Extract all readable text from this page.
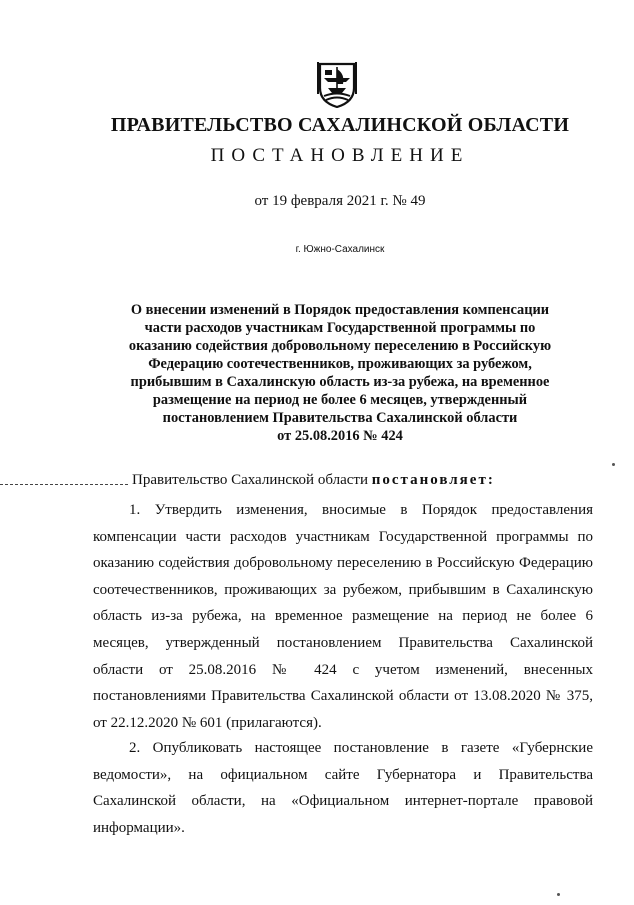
ПРАВИТЕЛЬСТВО САХАЛИНСКОЙ ОБЛАСТИ
ПОСТАНОВЛЕНИЕ
от 19 февраля 2021 г. № 49
г. Южно-Сахалинск
О внесении изменений в Порядок предоставления компенсации
части расходов участникам Государственной программы по
оказанию содействия добровольному переселению в Российскую
Федерацию соотечественников, проживающих за рубежом,
прибывшим в Сахалинскую область из-за рубежа, на временное
размещение на период не более 6 месяцев, утвержденный
постановлением Правительства Сахалинской области
от 25.08.2016 № 424
Правительство Сахалинской области постановляет:
1. Утвердить изменения, вносимые в Порядок предоставления
компенсации части расходов участникам Государственной программы по
оказанию содействия добровольному переселению в Российскую Федерацию
соотечественников, проживающих за рубежом, прибывшим в Сахалинскую
область из-за рубежа, на временное размещение на период не более 6
месяцев, утвержденный постановлением Правительства Сахалинской
области от 25.08.2016 № 424 с учетом изменений, внесенных
постановлениями Правительства Сахалинской области от 13.08.2020 № 375,
от 22.12.2020 № 601 (прилагаются).
2. Опубликовать настоящее постановление в газете «Губернские
ведомости», на официальном сайте Губернатора и Правительства
Сахалинской области, на «Официальном интернет-портале правовой
информации».
